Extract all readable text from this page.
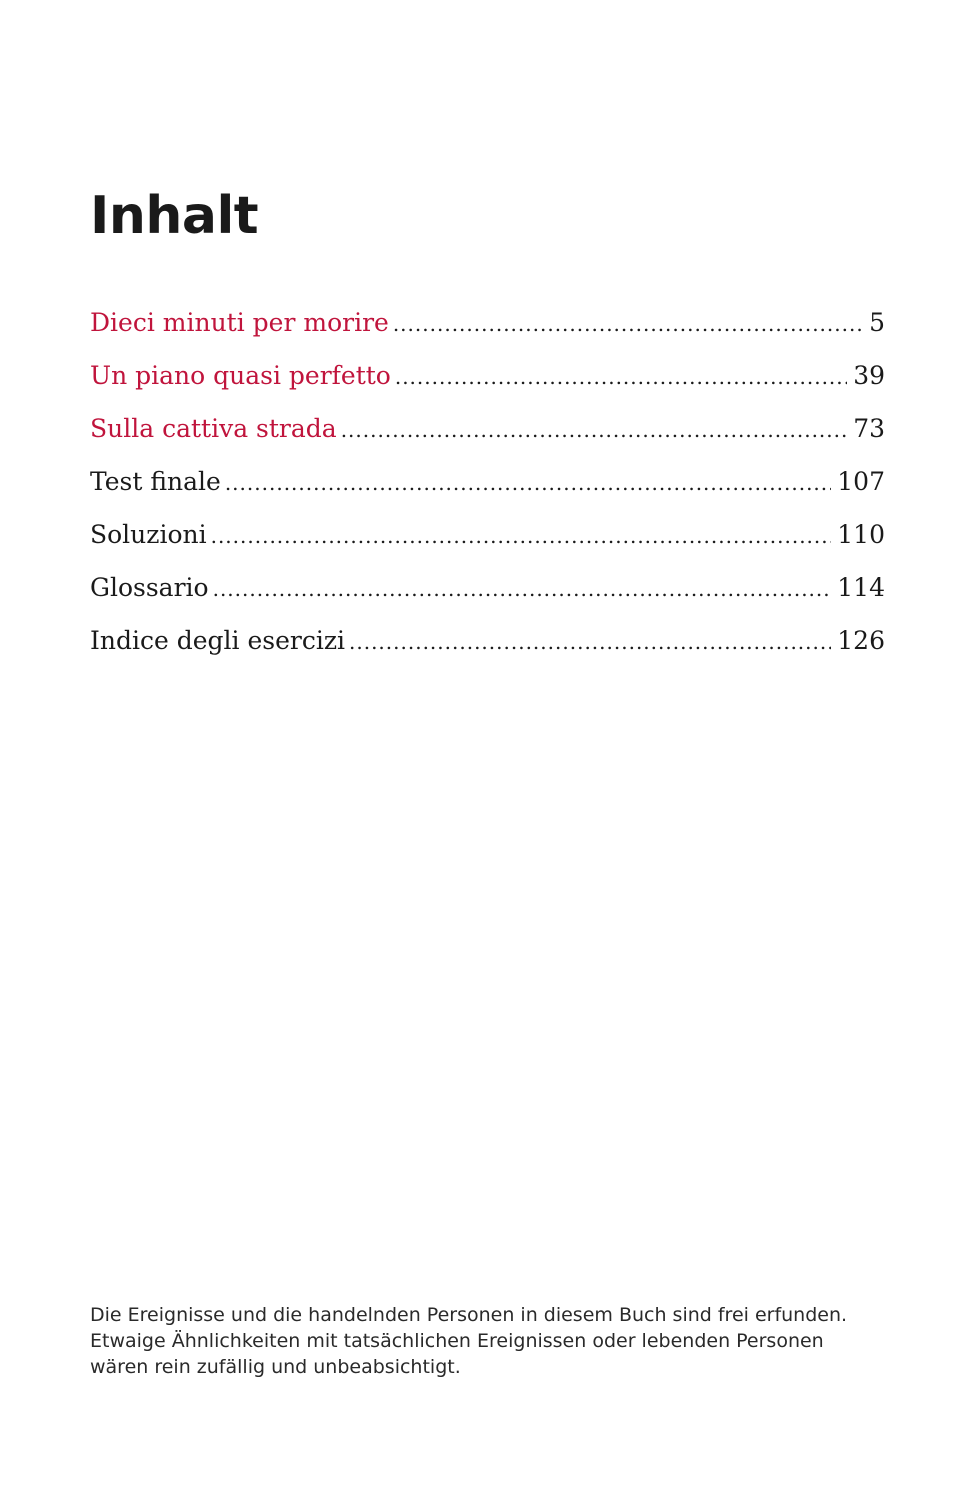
Inhalt
Dieci minuti per morire .....	5
Un piano quasi perfetto .....	39
Sulla cattiva strada .....	73
Test finale .....	107
Soluzioni .....	110
Glossario .....	114
Indice degli esercizi .....	126

Die Ereignisse und die handelnden Personen in diesem Buch sind frei erfunden.
Etwaige Ähnlichkeiten mit tatsächlichen Ereignissen oder lebenden Personen
wären rein zufällig und unbeabsichtigt.
